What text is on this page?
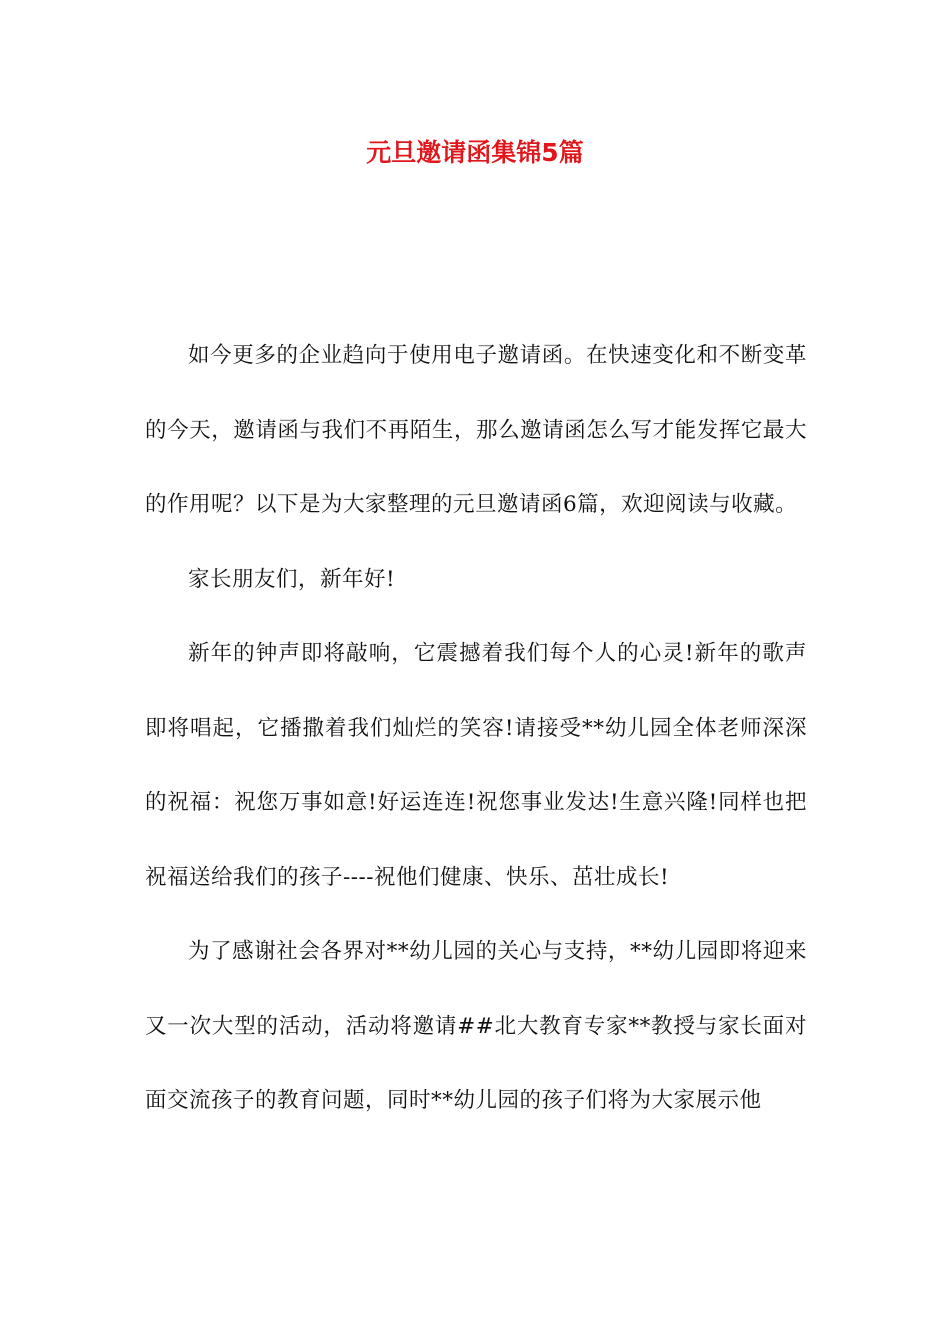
元旦邀请函集锦5篇

如今更多的企业趋向于使用电子邀请函。在快速变化和不断变革的今天，邀请函与我们不再陌生，那么邀请函怎么写才能发挥它最大的作用呢？以下是为大家整理的元旦邀请函6篇，欢迎阅读与收藏。

家长朋友们，新年好!

新年的钟声即将敲响，它震撼着我们每个人的心灵!新年的歌声即将唱起，它播撒着我们灿烂的笑容!请接受**幼儿园全体老师深深的祝福：祝您万事如意!好运连连!祝您事业发达!生意兴隆!同样也把祝福送给我们的孩子----祝他们健康、快乐、茁壮成长!

为了感谢社会各界对**幼儿园的关心与支持，**幼儿园即将迎来又一次大型的活动，活动将邀请##北大教育专家**教授与家长面对面交流孩子的教育问题，同时**幼儿园的孩子们将为大家展示他
